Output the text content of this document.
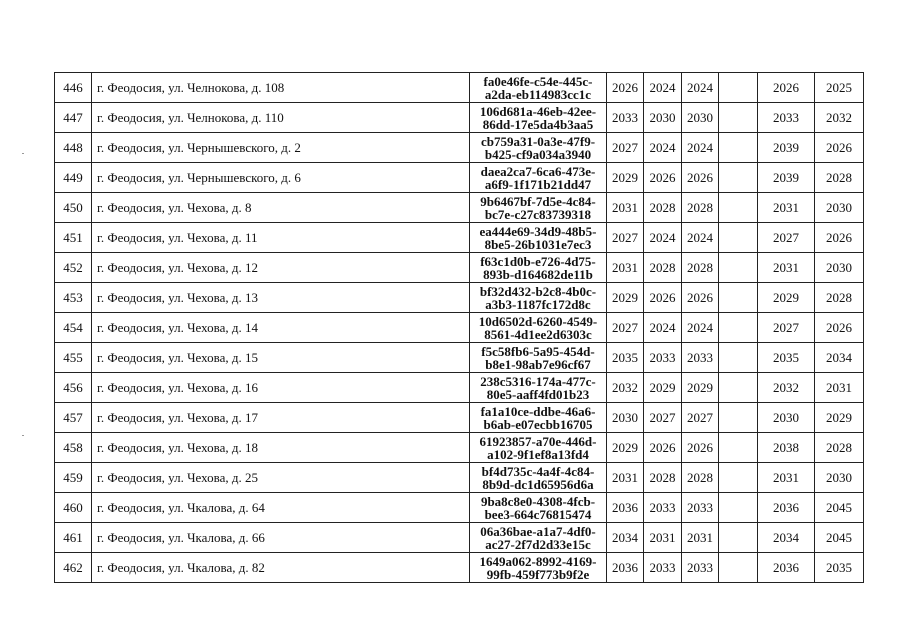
446	г. Феодосия, ул. Челнокова, д. 108	fa0e46fe-c54e-445c-
a2da-eb114983cc1c	2026	2024	2024		2026	2025
447	г. Феодосия, ул. Челнокова, д. 110	106d681a-46eb-42ee-
86dd-17e5da4b3aa5	2033	2030	2030		2033	2032
448	г. Феодосия, ул. Чернышевского, д. 2	cb759a31-0a3e-47f9-
b425-cf9a034a3940	2027	2024	2024		2039	2026
449	г. Феодосия, ул. Чернышевского, д. 6	daea2ca7-6ca6-473e-
a6f9-1f171b21dd47	2029	2026	2026		2039	2028
450	г. Феодосия, ул. Чехова, д. 8	9b6467bf-7d5e-4c84-
bc7e-c27c83739318	2031	2028	2028		2031	2030
451	г. Феодосия, ул. Чехова, д. 11	ea444e69-34d9-48b5-
8be5-26b1031e7ec3	2027	2024	2024		2027	2026
452	г. Феодосия, ул. Чехова, д. 12	f63c1d0b-e726-4d75-
893b-d164682de11b	2031	2028	2028		2031	2030
453	г. Феодосия, ул. Чехова, д. 13	bf32d432-b2c8-4b0c-
a3b3-1187fc172d8c	2029	2026	2026		2029	2028
454	г. Феодосия, ул. Чехова, д. 14	10d6502d-6260-4549-
8561-4d1ee2d6303c	2027	2024	2024		2027	2026
455	г. Феодосия, ул. Чехова, д. 15	f5c58fb6-5a95-454d-
b8e1-98ab7e96cf67	2035	2033	2033		2035	2034
456	г. Феодосия, ул. Чехова, д. 16	238c5316-174a-477c-
80e5-aaff4fd01b23	2032	2029	2029		2032	2031
457	г. Феодосия, ул. Чехова, д. 17	fa1a10ce-ddbe-46a6-
b6ab-e07ecbb16705	2030	2027	2027		2030	2029
458	г. Феодосия, ул. Чехова, д. 18	61923857-a70e-446d-
a102-9f1ef8a13fd4	2029	2026	2026		2038	2028
459	г. Феодосия, ул. Чехова, д. 25	bf4d735c-4a4f-4c84-
8b9d-dc1d65956d6a	2031	2028	2028		2031	2030
460	г. Феодосия, ул. Чкалова, д. 64	9ba8c8e0-4308-4fcb-
bee3-664c76815474	2036	2033	2033		2036	2045
461	г. Феодосия, ул. Чкалова, д. 66	06a36bae-a1a7-4df0-
ac27-2f7d2d33e15c	2034	2031	2031		2034	2045
462	г. Феодосия, ул. Чкалова, д. 82	1649a062-8992-4169-
99fb-459f773b9f2e	2036	2033	2033		2036	2035
